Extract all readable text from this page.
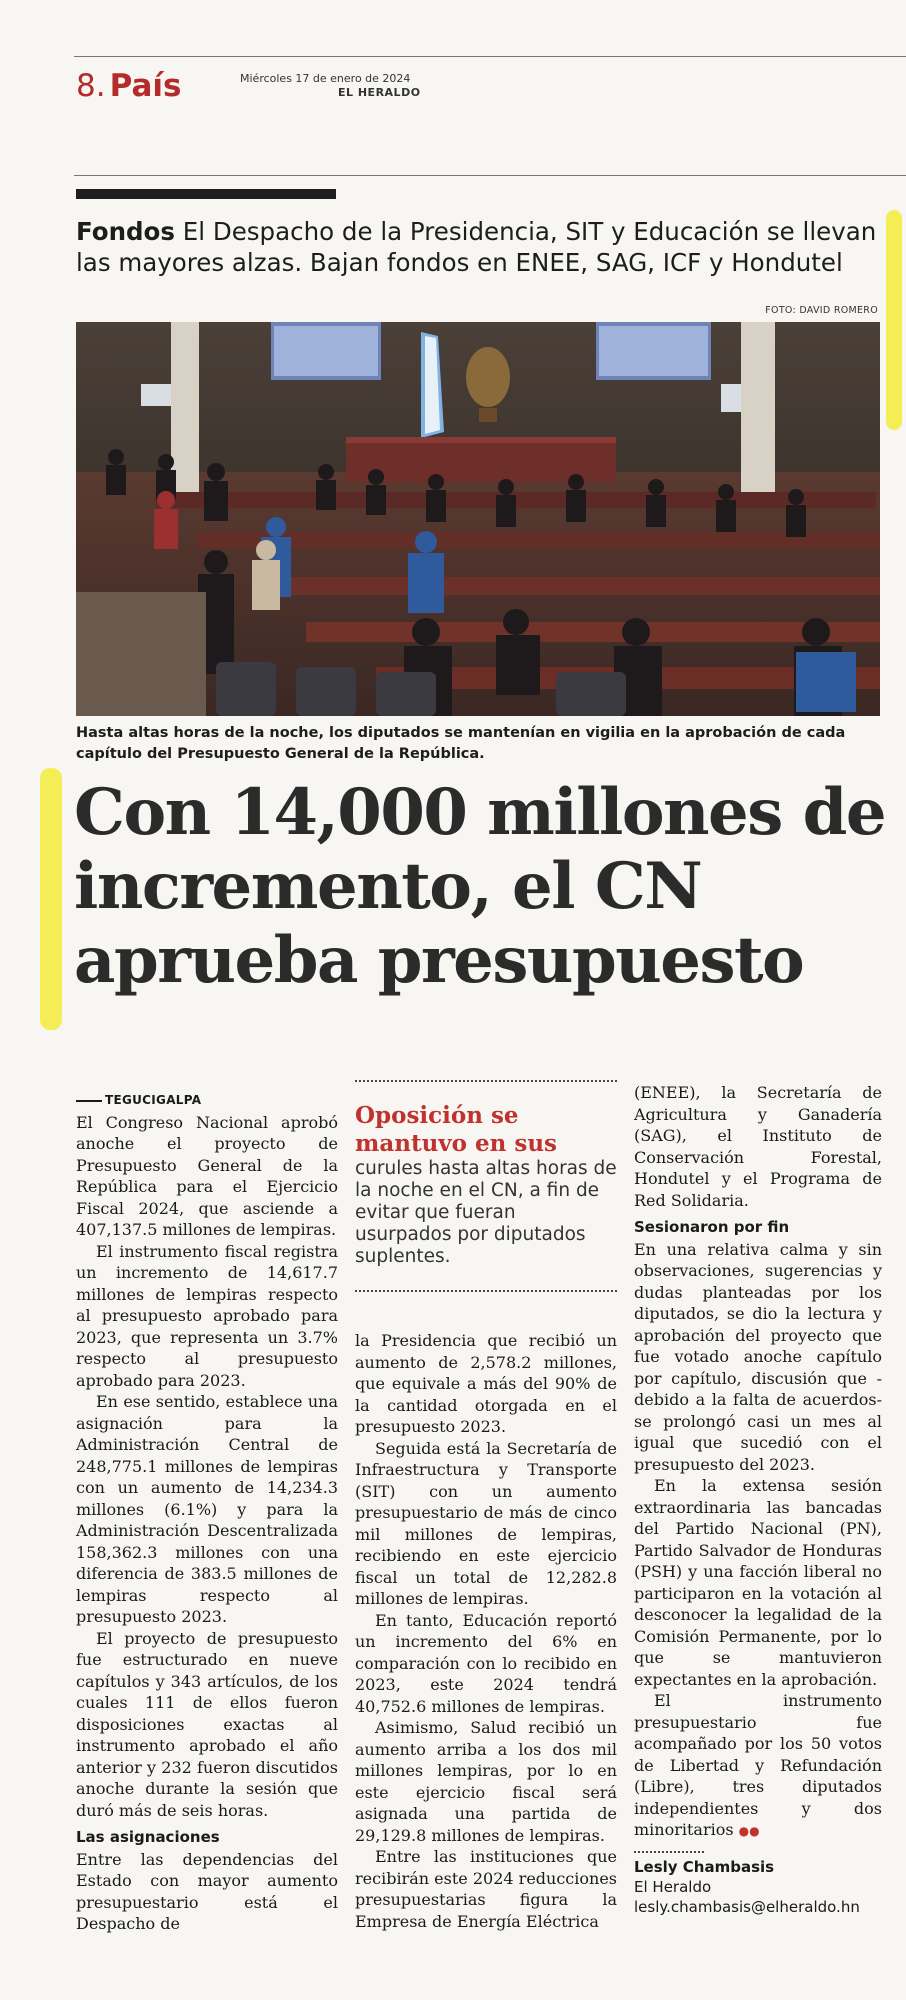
8. País	Miércoles 17 de enero de 2024
EL HERALDO
Fondos El Despacho de la Presidencia, SIT y Educación se llevan las mayores alzas. Bajan fondos en ENEE, SAG, ICF y Hondutel
FOTO: DAVID ROMERO
Hasta altas horas de la noche, los diputados se mantenían en vigilia en la aprobación de cada capítulo del Presupuesto General de la República.
Con 14,000 millones de incremento, el CN aprueba presupuesto

TEGUCIGALPA
El Congreso Nacional aprobó anoche el proyecto de Presupuesto General de la República para el Ejercicio Fiscal 2024, que asciende a 407,137.5 millones de lempiras.

El instrumento fiscal registra un incremento de 14,617.7 millones de lempiras respecto al presupuesto aprobado para 2023, que representa un 3.7% respecto al presupuesto aprobado para 2023.

En ese sentido, establece una asignación para la Administración Central de 248,775.1 millones de lempiras con un aumento de 14,234.3 millones (6.1%) y para la Administración Descentralizada 158,362.3 millones con una diferencia de 383.5 millones de lempiras respecto al presupuesto 2023.

El proyecto de presupuesto fue estructurado en nueve capítulos y 343 artículos, de los cuales 111 de ellos fueron disposiciones exactas al instrumento aprobado el año anterior y 232 fueron discutidos anoche durante la sesión que duró más de seis horas.

Las asignaciones

Entre las dependencias del Estado con mayor aumento presupuestario está el Despacho de

Oposición se mantuvo en sus
curules hasta altas horas de la noche en el CN, a fin de evitar que fueran usurpados por diputados suplentes.

la Presidencia que recibió un aumento de 2,578.2 millones, que equivale a más del 90% de la cantidad otorgada en el presupuesto 2023.

Seguida está la Secretaría de Infraestructura y Transporte (SIT) con un aumento presupuestario de más de cinco mil millones de lempiras, recibiendo en este ejercicio fiscal un total de 12,282.8 millones de lempiras.

En tanto, Educación reportó un incremento del 6% en comparación con lo recibido en 2023, este 2024 tendrá 40,752.6 millones de lempiras.

Asimismo, Salud recibió un aumento arriba a los dos mil millones lempiras, por lo en este ejercicio fiscal será asignada una partida de 29,129.8 millones de lempiras.

Entre las instituciones que recibirán este 2024 reducciones presupuestarias figura la Empresa de Energía Eléctrica

(ENEE), la Secretaría de Agricultura y Ganadería (SAG), el Instituto de Conservación Forestal, Hondutel y el Programa de Red Solidaria.

Sesionaron por fin

En una relativa calma y sin observaciones, sugerencias y dudas planteadas por los diputados, se dio la lectura y aprobación del proyecto que fue votado anoche capítulo por capítulo, discusión que -debido a la falta de acuerdos- se prolongó casi un mes al igual que sucedió con el presupuesto del 2023.

En la extensa sesión extraordinaria las bancadas del Partido Nacional (PN), Partido Salvador de Honduras (PSH) y una facción liberal no participaron en la votación al desconocer la legalidad de la Comisión Permanente, por lo que se mantuvieron expectantes en la aprobación.

El instrumento presupuestario fue acompañado por los 50 votos de Libertad y Refundación (Libre), tres diputados independientes y dos minoritarios ●●

Lesly Chambasis
El Heraldo
lesly.chambasis@elheraldo.hn
